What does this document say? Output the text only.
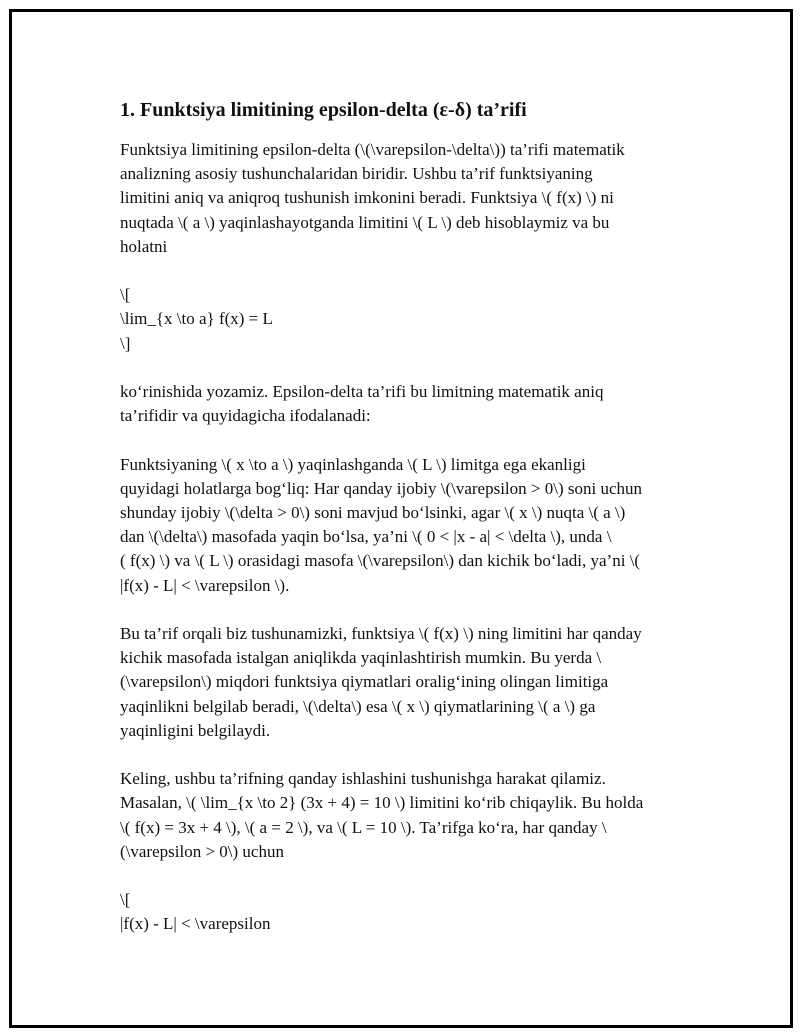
1. Funktsiya limitining epsilon-delta (ε-δ) ta’rifi

Funktsiya limitining epsilon-delta (\(\varepsilon-\delta\)) ta’rifi matematik
analizning asosiy tushunchalaridan biridir. Ushbu ta’rif funktsiyaning
limitini aniq va aniqroq tushunish imkonini beradi. Funktsiya \( f(x) \) ni
nuqtada \( a \) yaqinlashayotganda limitini \( L \) deb hisoblaymiz va bu
holatni

\[
\lim_{x \to a} f(x) = L
\]

ko‘rinishida yozamiz. Epsilon-delta ta’rifi bu limitning matematik aniq
ta’rifidir va quyidagicha ifodalanadi:

Funktsiyaning \( x \to a \) yaqinlashganda \( L \) limitga ega ekanligi
quyidagi holatlarga bog‘liq: Har qanday ijobiy \(\varepsilon > 0\) soni uchun
shunday ijobiy \(\delta > 0\) soni mavjud bo‘lsinki, agar \( x \) nuqta \( a \)
dan \(\delta\) masofada yaqin bo‘lsa, ya’ni \( 0 < |x - a| < \delta \), unda \
( f(x) \) va \( L \) orasidagi masofa \(\varepsilon\) dan kichik bo‘ladi, ya’ni \(
|f(x) - L| < \varepsilon \).

Bu ta’rif orqali biz tushunamizki, funktsiya \( f(x) \) ning limitini har qanday
kichik masofada istalgan aniqlikda yaqinlashtirish mumkin. Bu yerda \
(\varepsilon\) miqdori funktsiya qiymatlari oralig‘ining olingan limitiga
yaqinlikni belgilab beradi, \(\delta\) esa \( x \) qiymatlarining \( a \) ga
yaqinligini belgilaydi.

Keling, ushbu ta’rifning qanday ishlashini tushunishga harakat qilamiz.
Masalan, \( \lim_{x \to 2} (3x + 4) = 10 \) limitini ko‘rib chiqaylik. Bu holda
\( f(x) = 3x + 4 \), \( a = 2 \), va \( L = 10 \). Ta’rifga ko‘ra, har qanday \
(\varepsilon > 0\) uchun

\[
|f(x) - L| < \varepsilon
